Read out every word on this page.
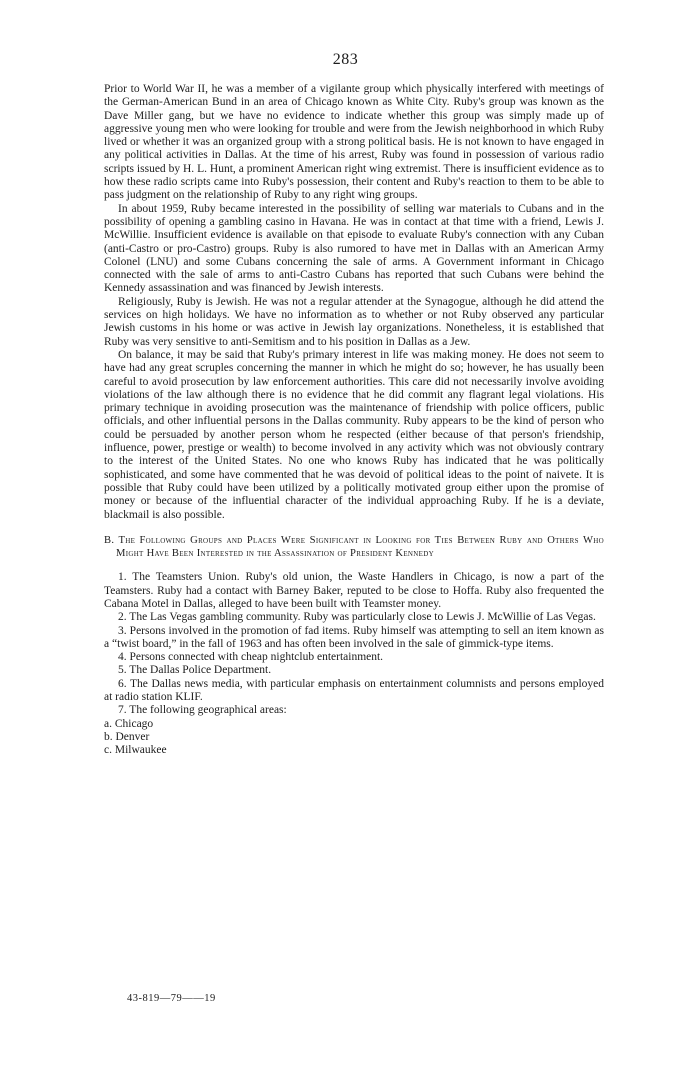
283

Prior to World War II, he was a member of a vigilante group which physically interfered with meetings of the German-American Bund in an area of Chicago known as White City. Ruby's group was known as the Dave Miller gang, but we have no evidence to indicate whether this group was simply made up of aggressive young men who were looking for trouble and were from the Jewish neighborhood in which Ruby lived or whether it was an organized group with a strong political basis. He is not known to have engaged in any political activities in Dallas. At the time of his arrest, Ruby was found in possession of various radio scripts issued by H. L. Hunt, a prominent American right wing extremist. There is insufficient evidence as to how these radio scripts came into Ruby's possession, their content and Ruby's reaction to them to be able to pass judgment on the relationship of Ruby to any right wing groups.

In about 1959, Ruby became interested in the possibility of selling war materials to Cubans and in the possibility of opening a gambling casino in Havana. He was in contact at that time with a friend, Lewis J. McWillie. Insufficient evidence is available on that episode to evaluate Ruby's connection with any Cuban (anti-Castro or pro-Castro) groups. Ruby is also rumored to have met in Dallas with an American Army Colonel (LNU) and some Cubans concerning the sale of arms. A Government informant in Chicago connected with the sale of arms to anti-Castro Cubans has reported that such Cubans were behind the Kennedy assassination and was financed by Jewish interests.

Religiously, Ruby is Jewish. He was not a regular attender at the Synagogue, although he did attend the services on high holidays. We have no information as to whether or not Ruby observed any particular Jewish customs in his home or was active in Jewish lay organizations. Nonetheless, it is established that Ruby was very sensitive to anti-Semitism and to his position in Dallas as a Jew.

On balance, it may be said that Ruby's primary interest in life was making money. He does not seem to have had any great scruples concerning the manner in which he might do so; however, he has usually been careful to avoid prosecution by law enforcement authorities. This care did not necessarily involve avoiding violations of the law although there is no evidence that he did commit any flagrant legal violations. His primary technique in avoiding prosecution was the maintenance of friendship with police officers, public officials, and other influential persons in the Dallas community. Ruby appears to be the kind of person who could be persuaded by another person whom he respected (either because of that person's friendship, influence, power, prestige or wealth) to become involved in any activity which was not obviously contrary to the interest of the United States. No one who knows Ruby has indicated that he was politically sophisticated, and some have commented that he was devoid of political ideas to the point of naivete. It is possible that Ruby could have been utilized by a politically motivated group either upon the promise of money or because of the influential character of the individual approaching Ruby. If he is a deviate, blackmail is also possible.

B. The Following Groups and Places Were Significant in Looking for Ties Between Ruby and Others Who Might Have Been Interested in the Assassination of President Kennedy
1. The Teamsters Union. Ruby's old union, the Waste Handlers in Chicago, is now a part of the Teamsters. Ruby had a contact with Barney Baker, reputed to be close to Hoffa. Ruby also frequented the Cabana Motel in Dallas, alleged to have been built with Teamster money.
2. The Las Vegas gambling community. Ruby was particularly close to Lewis J. McWillie of Las Vegas.
3. Persons involved in the promotion of fad items. Ruby himself was attempting to sell an item known as a “twist board,” in the fall of 1963 and has often been involved in the sale of gimmick-type items.
4. Persons connected with cheap nightclub entertainment.
5. The Dallas Police Department.
6. The Dallas news media, with particular emphasis on entertainment columnists and persons employed at radio station KLIF.
7. The following geographical areas:
a. Chicago
b. Denver
c. Milwaukee
43-819—79——19
